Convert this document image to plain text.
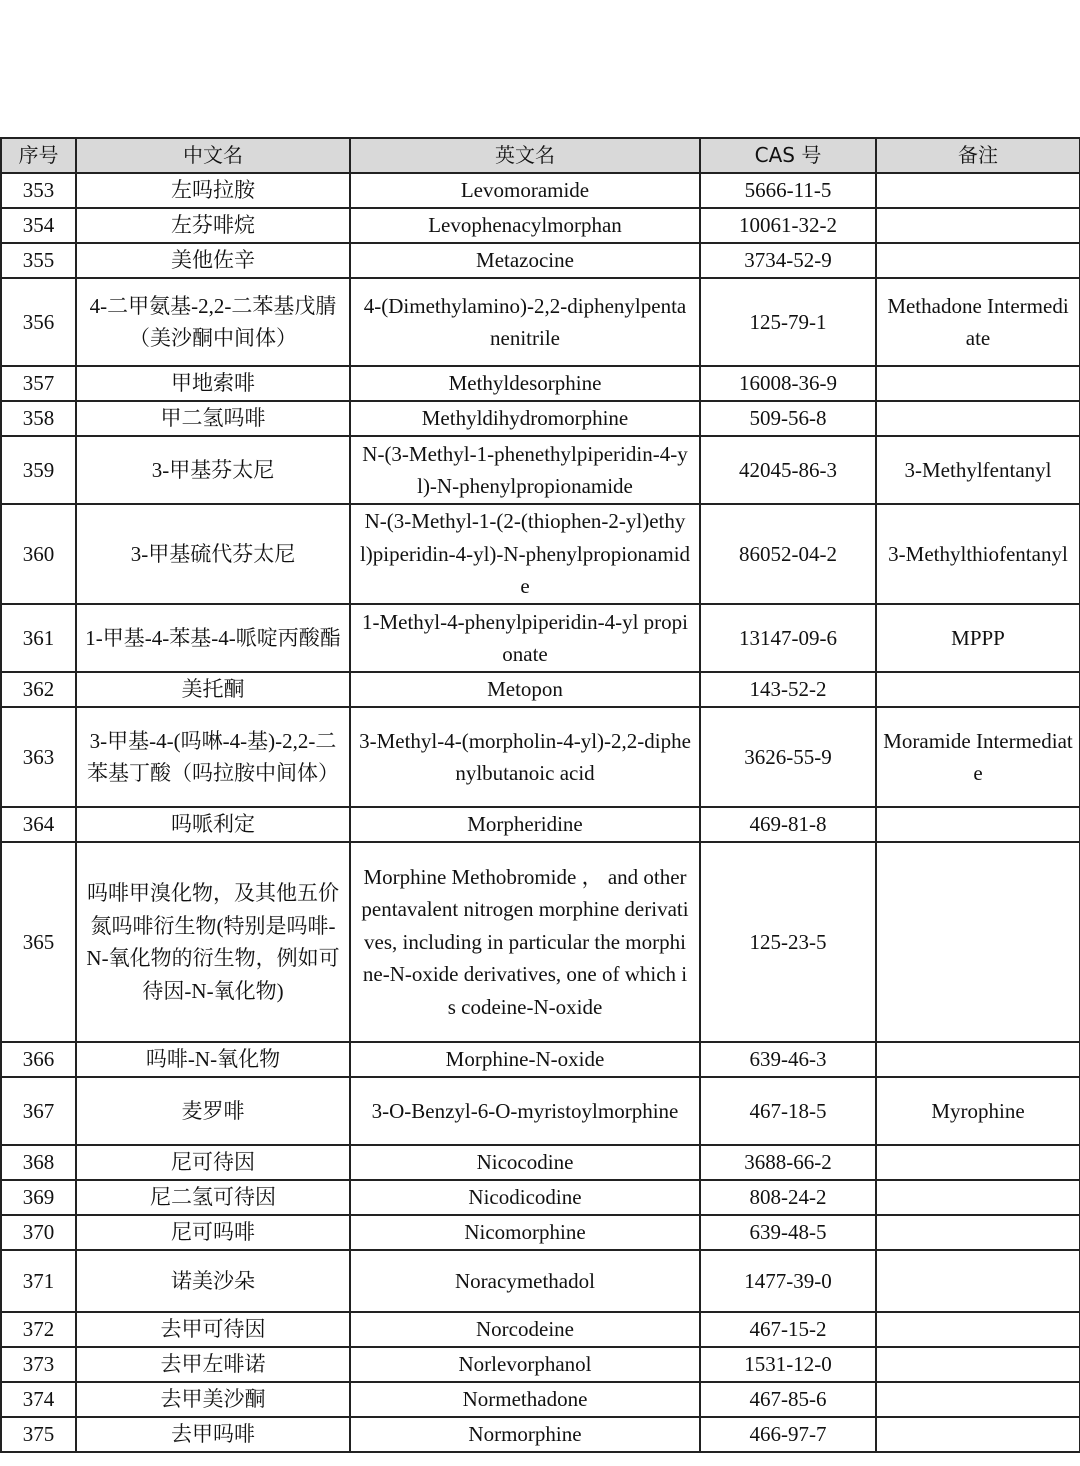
序号	中文名	英文名	CAS 号	备注
353	左吗拉胺	Levomoramide	5666-11-5	
354	左芬啡烷	Levophenacylmorphan	10061-32-2	
355	美他佐辛	Metazocine	3734-52-9	
356	4-二甲氨基-2,2-二苯基戊腈（美沙酮中间体）	4-(Dimethylamino)-2,2-diphenylpentanenitrile	125-79-1	Methadone Intermediate
357	甲地索啡	Methyldesorphine	16008-36-9	
358	甲二氢吗啡	Methyldihydromorphine	509-56-8	
359	3-甲基芬太尼	N-(3-Methyl-1-phenethylpiperidin-4-yl)-N-phenylpropionamide	42045-86-3	3-Methylfentanyl
360	3-甲基硫代芬太尼	N-(3-Methyl-1-(2-(thiophen-2-yl)ethyl)piperidin-4-yl)-N-phenylpropionamide	86052-04-2	3-Methylthiofentanyl
361	1-甲基-4-苯基-4-哌啶丙酸酯	1-Methyl-4-phenylpiperidin-4-yl propionate	13147-09-6	MPPP
362	美托酮	Metopon	143-52-2	
363	3-甲基-4-(吗啉-4-基)-2,2-二苯基丁酸（吗拉胺中间体）	3-Methyl-4-(morpholin-4-yl)-2,2-diphenylbutanoic acid	3626-55-9	Moramide Intermediate
364	吗哌利定	Morpheridine	469-81-8	
365	吗啡甲溴化物，及其他五价氮吗啡衍生物(特别是吗啡-N-氧化物的衍生物，例如可待因-N-氧化物)	Morphine Methobromide ， and other pentavalent nitrogen morphine derivatives, including in particular the morphine-N-oxide derivatives, one of which is codeine-N-oxide	125-23-5	
366	吗啡-N-氧化物	Morphine-N-oxide	639-46-3	
367	麦罗啡	3-O-Benzyl-6-O-myristoylmorphine	467-18-5	Myrophine
368	尼可待因	Nicocodine	3688-66-2	
369	尼二氢可待因	Nicodicodine	808-24-2	
370	尼可吗啡	Nicomorphine	639-48-5	
371	诺美沙朵	Noracymethadol	1477-39-0	
372	去甲可待因	Norcodeine	467-15-2	
373	去甲左啡诺	Norlevorphanol	1531-12-0	
374	去甲美沙酮	Normethadone	467-85-6	
375	去甲吗啡	Normorphine	466-97-7	
